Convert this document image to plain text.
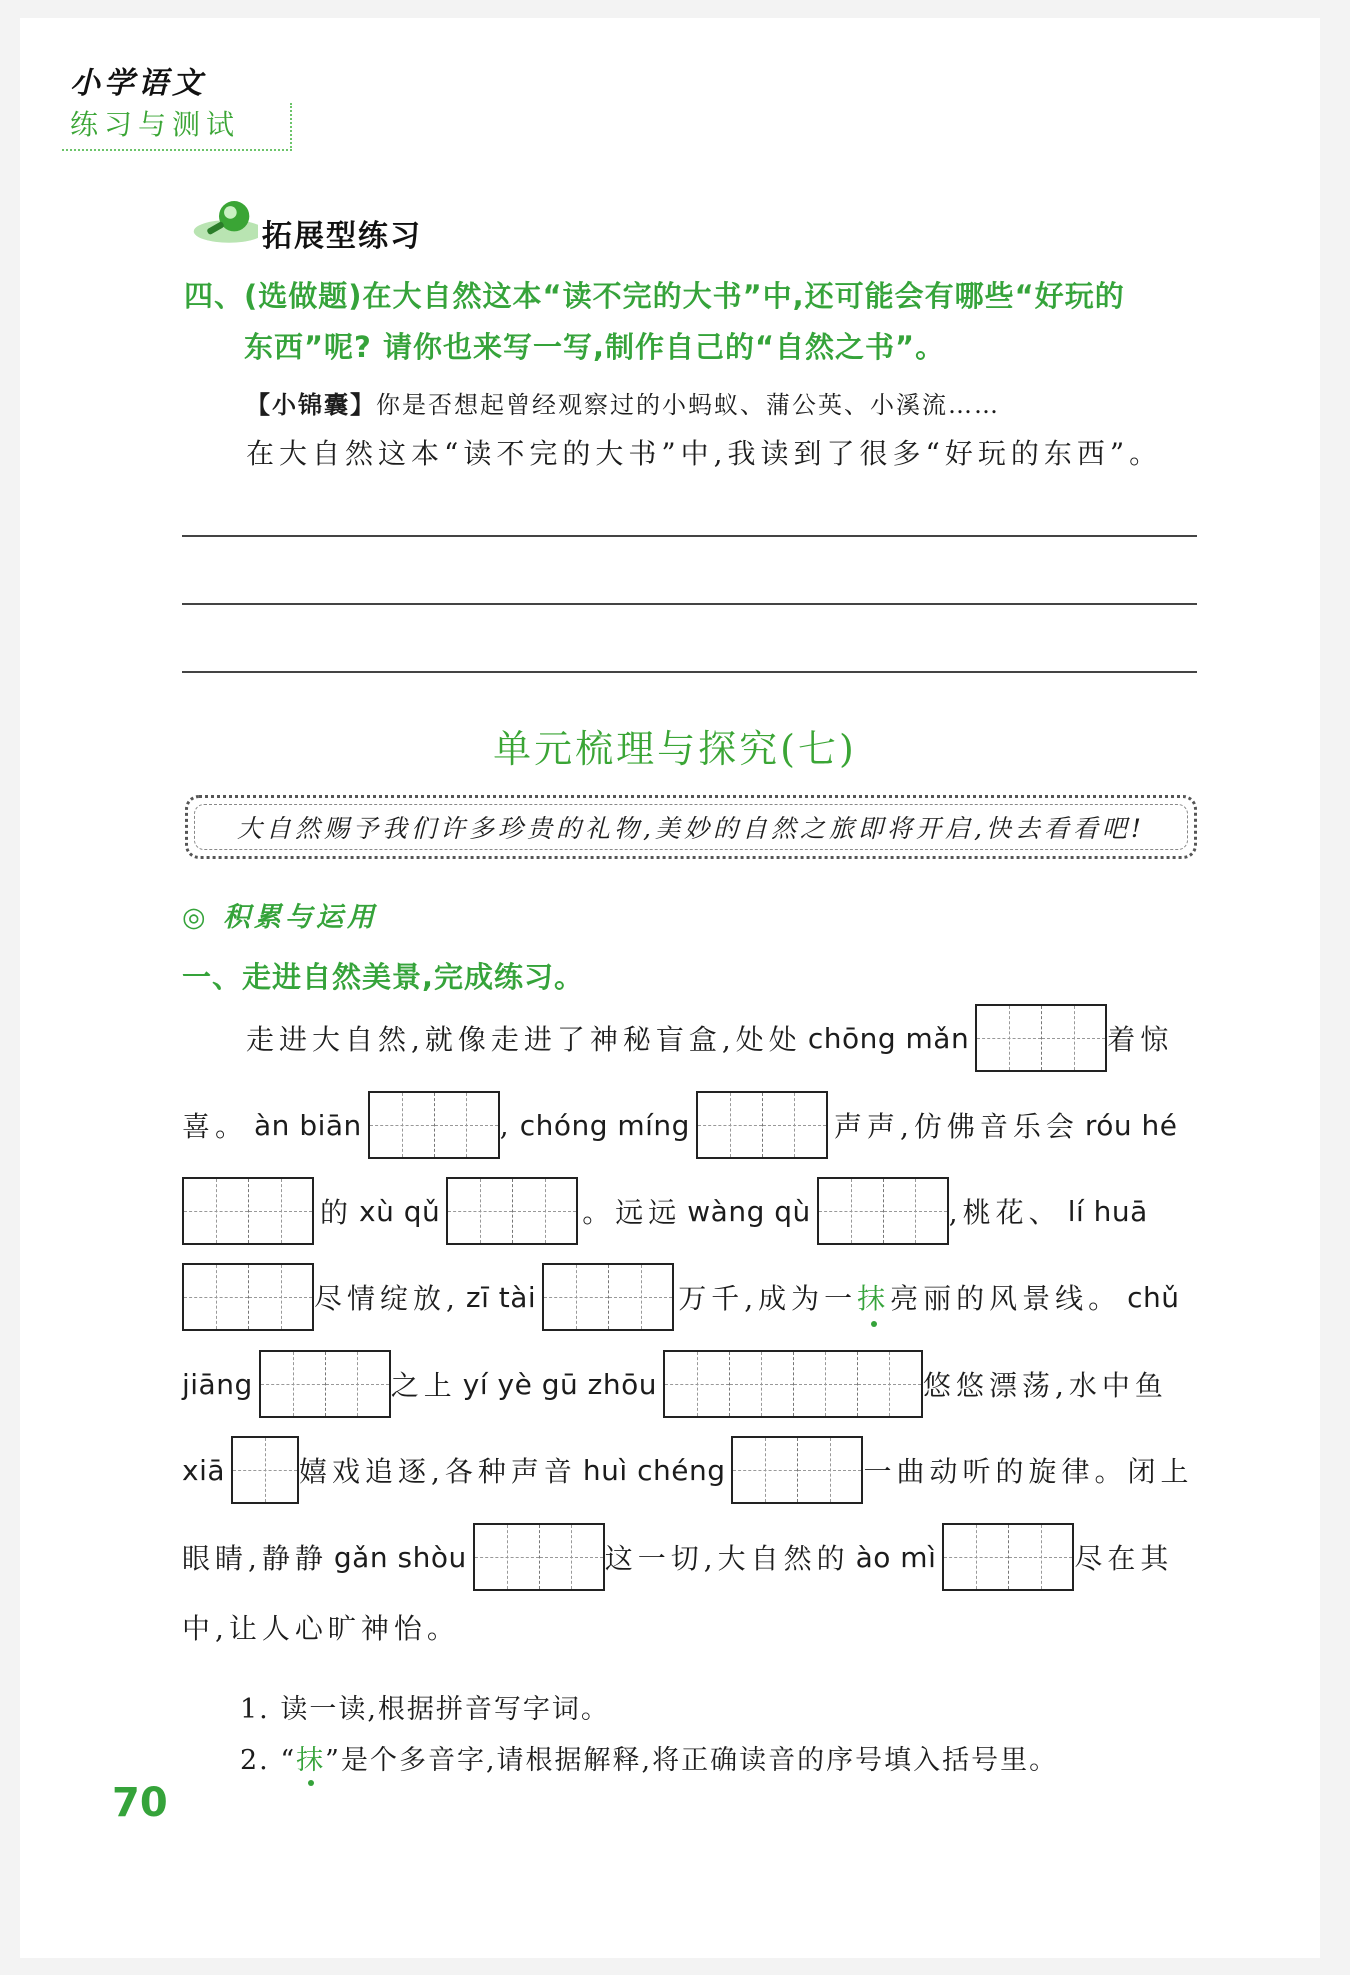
小学语文
练习与测试
拓展型练习
四、(选做题)在大自然这本“读不完的大书”中,还可能会有哪些“好玩的
东西”呢? 请你也来写一写,制作自己的“自然之书”。
【小锦囊】你是否想起曾经观察过的小蚂蚁、蒲公英、小溪流……
在大自然这本“读不完的大书”中,我读到了很多“好玩的东西”。
单元梳理与探究(七)
大自然赐予我们许多珍贵的礼物,美妙的自然之旅即将开启,快去看看吧!
◎ 积累与运用
一、走进自然美景,完成练习。
走进大自然,就像走进了神秘盲盒,处处 chōng mǎn	着惊
喜。 àn biān	, chóng míng	声声,仿佛音乐会 róu hé
的 xù qǔ	。远远 wàng qù	,桃花、 lí huā
尽情绽放, zī tài	万千,成为一 抹 亮丽的风景线。 chǔ
jiāng	之上 yí yè gū zhōu	悠悠漂荡,水中鱼
xiā	嬉戏追逐,各种声音 huì chéng	一曲动听的旋律。闭上
眼睛,静静 gǎn shòu	这一切,大自然的 ào mì	尽在其
中,让人心旷神怡。
1. 读一读,根据拼音写字词。
2. “抹”是个多音字,请根据解释,将正确读音的序号填入括号里。
70
